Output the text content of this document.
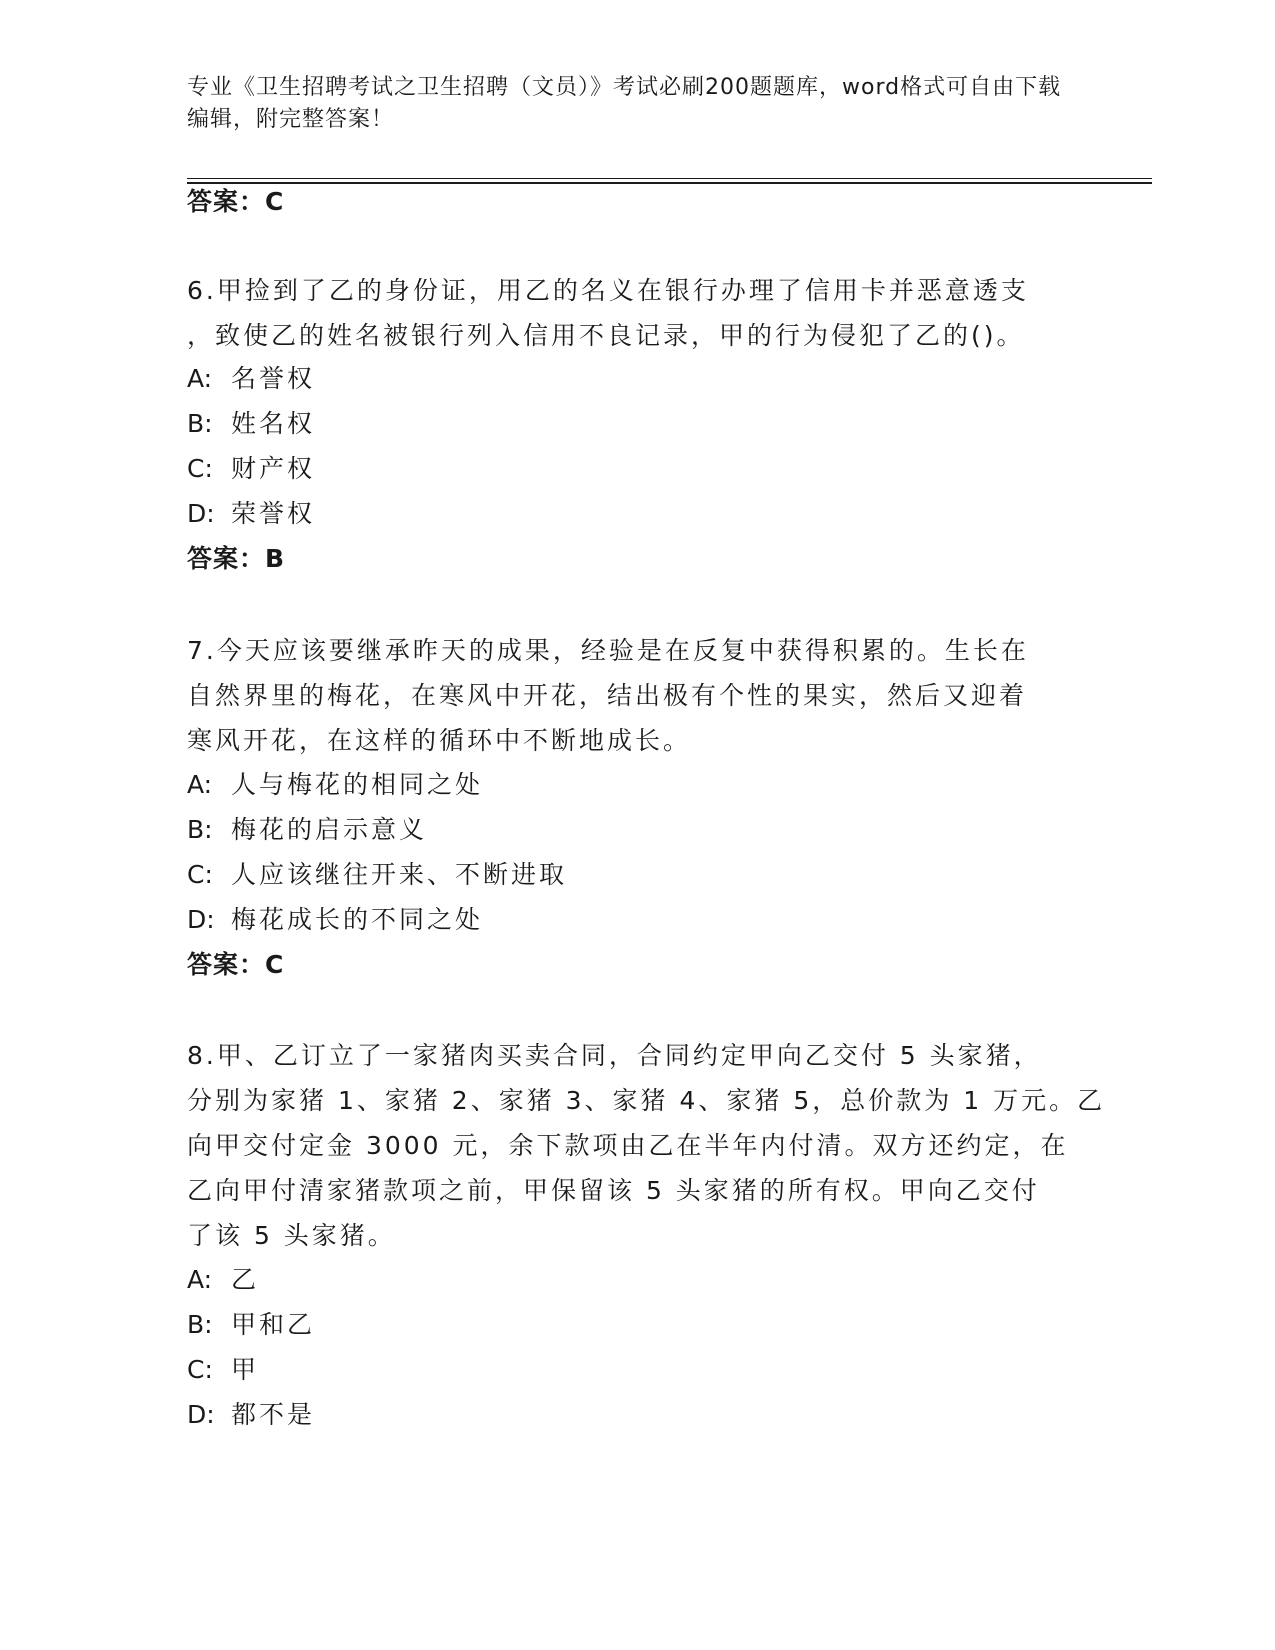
专业《卫生招聘考试之卫生招聘（文员）》考试必刷200题题库，word格式可自由下载编辑，附完整答案！
答案：C
6.甲捡到了乙的身份证，用乙的名义在银行办理了信用卡并恶意透支
，致使乙的姓名被银行列入信用不良记录，甲的行为侵犯了乙的()。
A: 名誉权
B: 姓名权
C: 财产权
D: 荣誉权
答案：B
7.今天应该要继承昨天的成果，经验是在反复中获得积累的。生长在
自然界里的梅花，在寒风中开花，结出极有个性的果实，然后又迎着
寒风开花，在这样的循环中不断地成长。
A: 人与梅花的相同之处
B: 梅花的启示意义
C: 人应该继往开来、不断进取
D: 梅花成长的不同之处
答案：C
8.甲、乙订立了一家猪肉买卖合同，合同约定甲向乙交付 5 头家猪，
分别为家猪 1、家猪 2、家猪 3、家猪 4、家猪 5，总价款为 1 万元。乙
向甲交付定金 3000 元，余下款项由乙在半年内付清。双方还约定，在
乙向甲付清家猪款项之前，甲保留该 5 头家猪的所有权。甲向乙交付
了该 5 头家猪。
A: 乙
B: 甲和乙
C: 甲
D: 都不是
